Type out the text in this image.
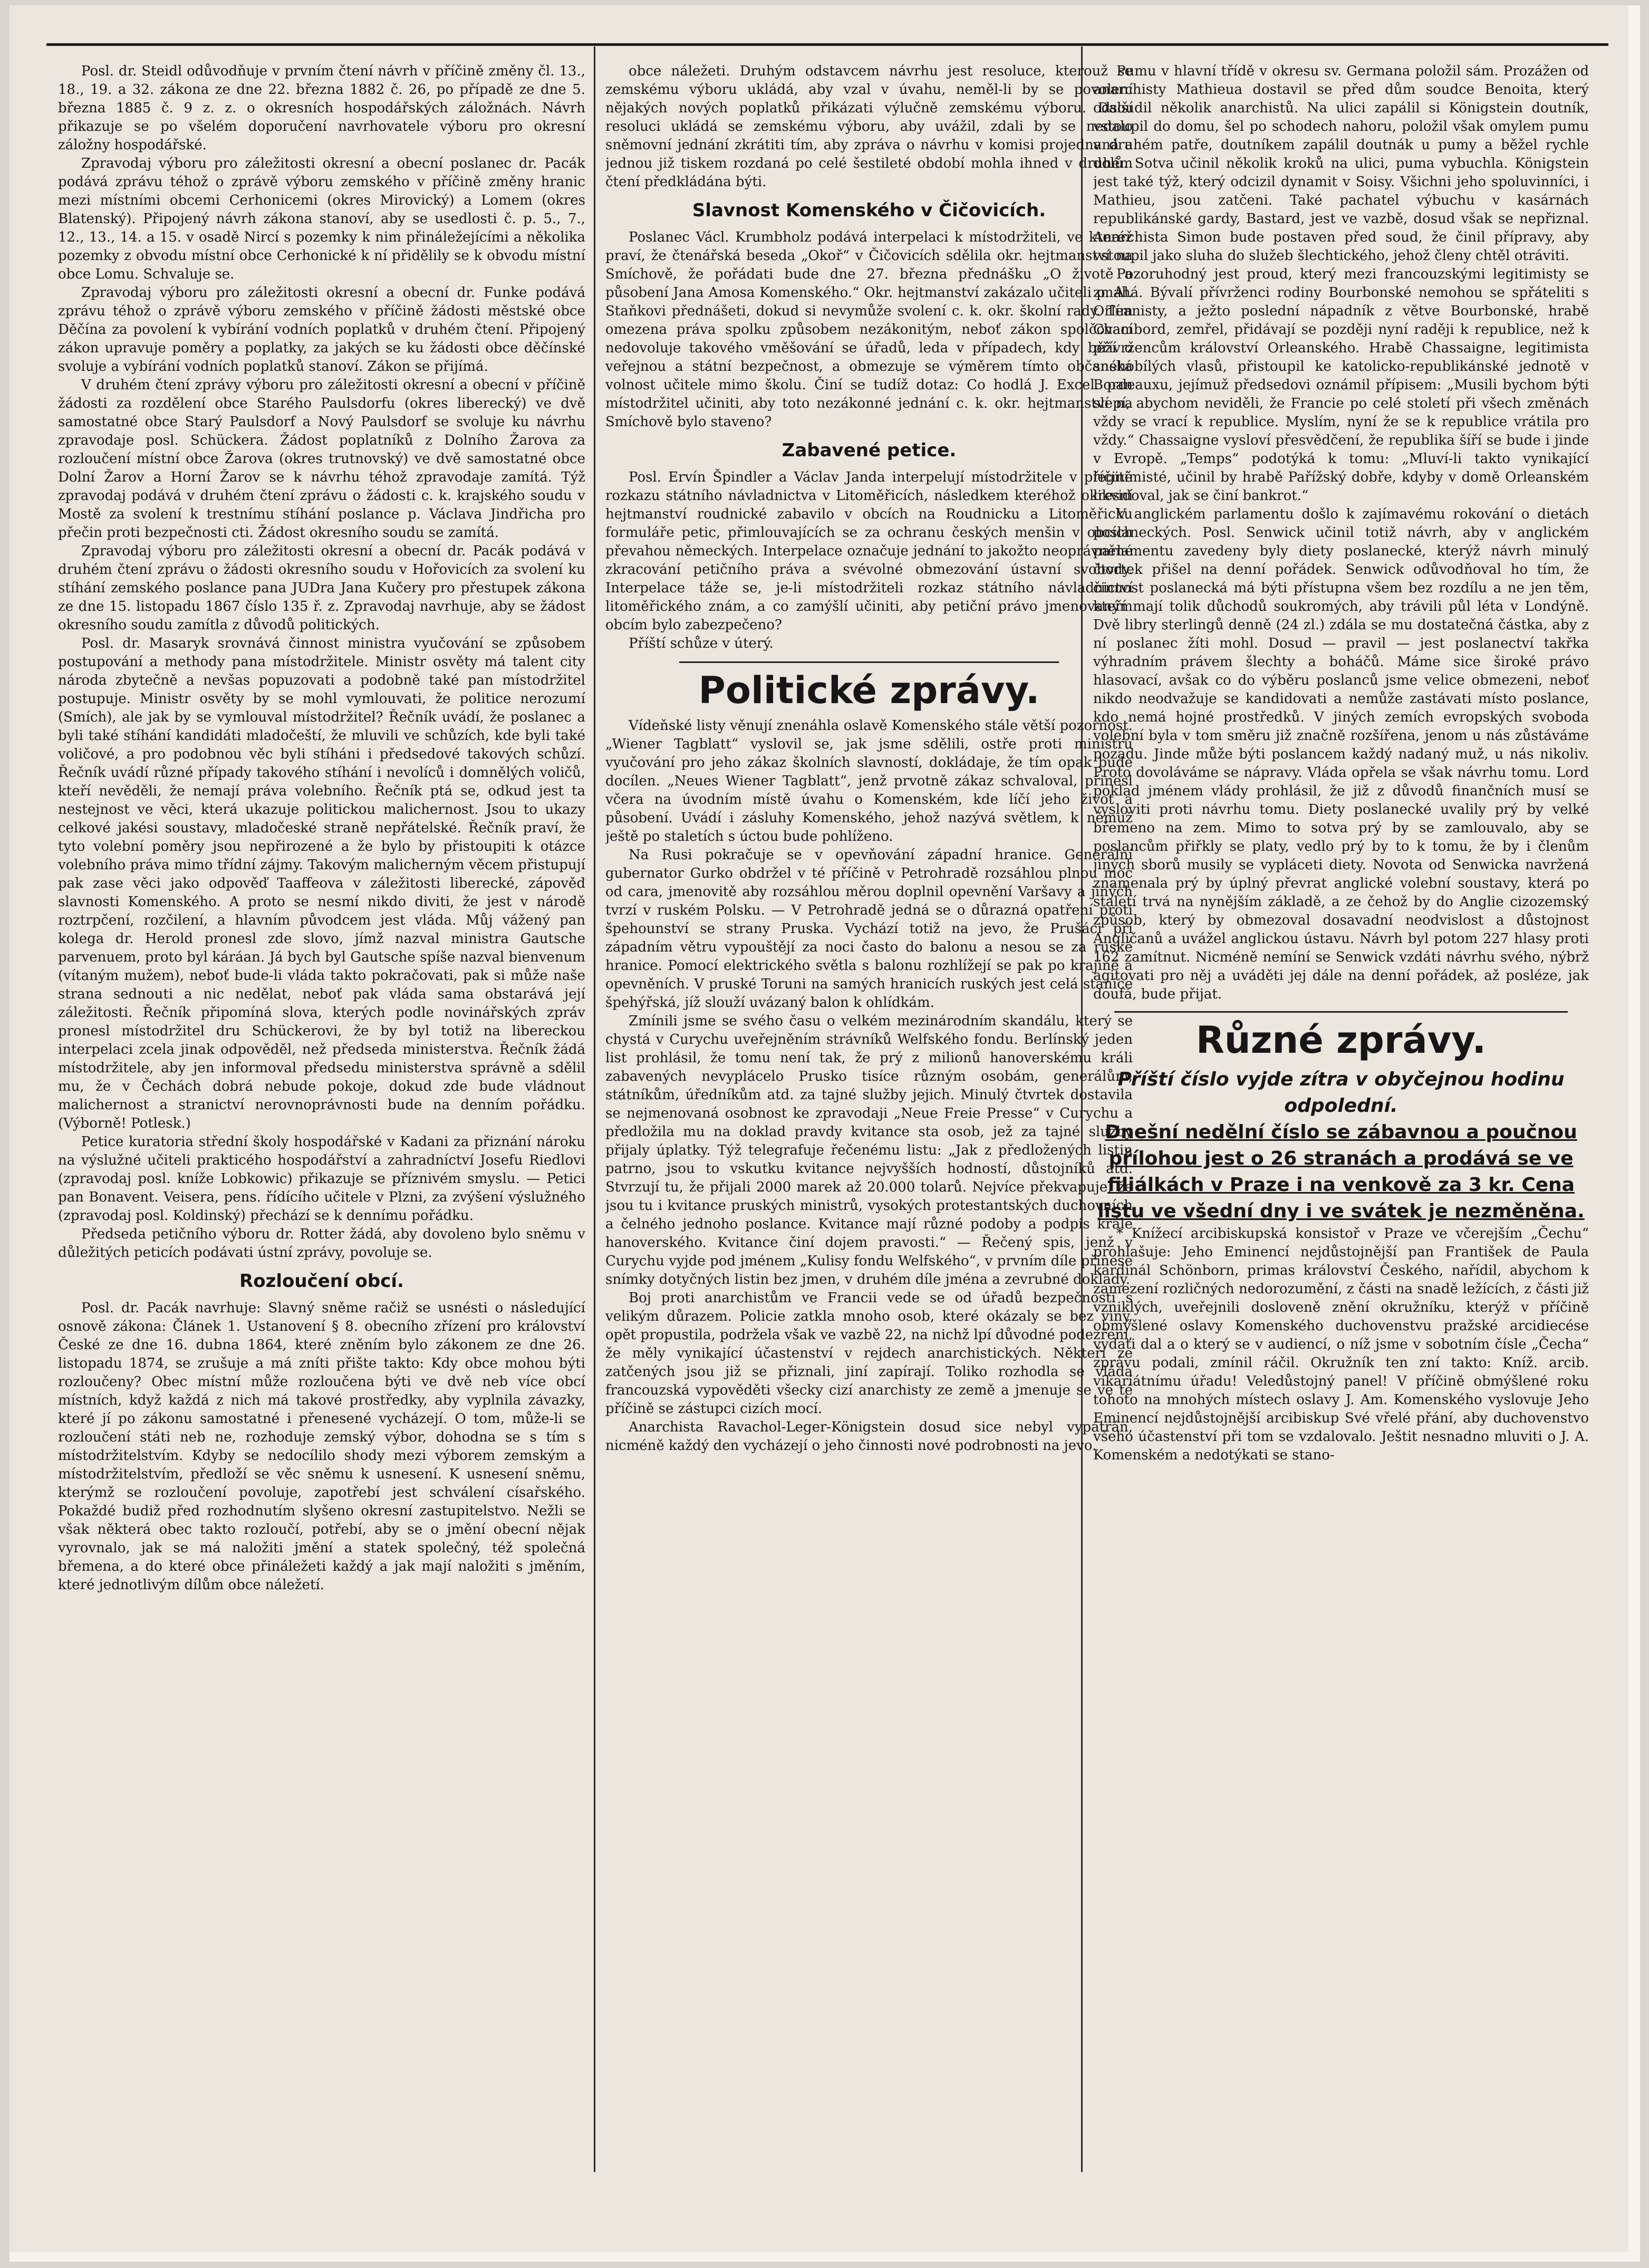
Posl. dr. Steidl odůvodňuje v prvním čtení návrh v příčině změny čl. 13., 18., 19. a 32. zákona ze dne 22. března 1882 č. 26, po případě ze dne 5. března 1885 č. 9 z. z. o okresních hospodářských záložnách. Návrh přikazuje se po všelém doporučení navrhovatele výboru pro okresní záložny hospodářské.

Zpravodaj výboru pro záležitosti okresní a obecní poslanec dr. Pacák podává zprávu téhož o zprávě výboru zemského v příčině změny hranic mezi místními obcemi Cerhonicemi (okres Mirovický) a Lomem (okres Blatenský). Připojený návrh zákona stanoví, aby se usedlosti č. p. 5., 7., 12., 13., 14. a 15. v osadě Nircí s pozemky k nim přináležejícími a několika pozemky z obvodu místní obce Cerhonické k ní přidělily se k obvodu místní obce Lomu. Schvaluje se.

Zpravodaj výboru pro záležitosti okresní a obecní dr. Funke podává zprávu téhož o zprávě výboru zemského v příčině žádosti městské obce Děčína za povolení k vybírání vodních poplatků v druhém čtení. Připojený zákon upravuje poměry a poplatky, za jakých se ku žádosti obce děčínské svoluje a vybírání vodních poplatků stanoví. Zákon se přijímá.

V druhém čtení zprávy výboru pro záležitosti okresní a obecní v příčině žádosti za rozdělení obce Starého Paulsdorfu (okres liberecký) ve dvě samostatné obce Starý Paulsdorf a Nový Paulsdorf se svoluje ku návrhu zpravodaje posl. Schückera. Žádost poplatníků z Dolního Žarova za rozloučení místní obce Žarova (okres trutnovský) ve dvě samostatné obce Dolní Žarov a Horní Žarov se k návrhu téhož zpravodaje zamítá. Týž zpravodaj podává v druhém čtení zprávu o žádosti c. k. krajského soudu v Mostě za svolení k trestnímu stíhání poslance p. Václava Jindřicha pro přečin proti bezpečnosti cti. Žádost okresního soudu se zamítá.

Zpravodaj výboru pro záležitosti okresní a obecní dr. Pacák podává v druhém čtení zprávu o žádosti okresního soudu v Hořovicích za svolení ku stíhání zemského poslance pana JUDra Jana Kučery pro přestupek zákona ze dne 15. listopadu 1867 číslo 135 ř. z. Zpravodaj navrhuje, aby se žádost okresního soudu zamítla z důvodů politických.

Posl. dr. Masaryk srovnává činnost ministra vyučování se způsobem postupování a methody pana místodržitele. Ministr osvěty má talent city národa zbytečně a nevšas popuzovati a podobně také pan místodržitel postupuje. Ministr osvěty by se mohl vymlouvati, že politice nerozumí (Smích), ale jak by se vymlouval místodržitel? Řečník uvádí, že poslanec a byli také stíhání kandidáti mladočeští, že mluvili ve schůzích, kde byli také voličové, a pro podobnou věc byli stíháni i předsedové takových schůzí. Řečník uvádí různé případy takového stíhání i nevolíců i domnělých voličů, kteří nevěděli, že nemají práva volebního. Řečník ptá se, odkud jest ta nestejnost ve věci, která ukazuje politickou malichernost. Jsou to ukazy celkové jakési soustavy, mladočeské straně nepřátelské. Řečník praví, že tyto volební poměry jsou nepřirozené a že bylo by přistoupiti k otázce volebního práva mimo třídní zájmy. Takovým malicherným věcem přistupují pak zase věci jako odpověď Taaffeova v záležitosti liberecké, zápověď slavnosti Komenského. A proto se nesmí nikdo diviti, že jest v národě roztrpčení, rozčilení, a hlavním původcem jest vláda. Můj vážený pan kolega dr. Herold pronesl zde slovo, jímž nazval ministra Gautsche parvenuem, proto byl káráan. Já bych byl Gautsche spíše nazval bienvenum (vítaným mužem), neboť bude-li vláda takto pokračovati, pak si může naše strana sednouti a nic nedělat, neboť pak vláda sama obstarává její záležitosti. Řečník připomíná slova, kterých podle novinářských zpráv pronesl místodržitel dru Schückerovi, že by byl totiž na libereckou interpelaci zcela jinak odpověděl, než předseda ministerstva. Řečník žádá místodržitele, aby jen informoval předsedu ministerstva správně a sdělil mu, že v Čechách dobrá nebude pokoje, dokud zde bude vládnout malichernost a stranictví nerovnoprávnosti bude na denním pořádku. (Výborně! Potlesk.)

Petice kuratoria střední školy hospodářské v Kadani za přiznání nároku na výslužné učiteli prakticého hospodářství a zahradníctví Josefu Riedlovi (zpravodaj posl. kníže Lobkowic) přikazuje se příznivém smyslu. — Petici pan Bonavent. Veisera, pens. řídícího učitele v Plzni, za zvýšení výslužného (zpravodaj posl. Koldinský) přechází se k dennímu pořádku.

Předseda petičního výboru dr. Rotter žádá, aby dovoleno bylo sněmu v důležitých peticích podávati ústní zprávy, povoluje se.

Rozloučení obcí.

Posl. dr. Pacák navrhuje: Slavný sněme račiž se usnésti o následující osnově zákona: Článek 1. Ustanovení § 8. obecního zřízení pro království České ze dne 16. dubna 1864, které zněním bylo zákonem ze dne 26. listopadu 1874, se zrušuje a má zníti přište takto: Kdy obce mohou býti rozloučeny? Obec místní může rozloučena býti ve dvě neb více obcí místních, když každá z nich má takové prostředky, aby vyplnila závazky, které jí po zákonu samostatné i přenesené vycházejí. O tom, může-li se rozloučení státi neb ne, rozhoduje zemský výbor, dohodna se s tím s místodržitelstvím. Kdyby se nedocílilo shody mezi výborem zemským a místodržitelstvím, předloží se věc sněmu k usnesení. K usnesení sněmu, kterýmž se rozloučení povoluje, zapotřebí jest schválení císařského. Pokaždé budiž před rozhodnutím slyšeno okresní zastupitelstvo. Nežli se však některá obec takto rozloučí, potřebí, aby se o jmění obecní nějak vyrovnalo, jak se má naložiti jmění a statek společný, též společná břemena, a do které obce přináležeti každý a jak mají naložiti s jměním, které jednotlivým dílům obce náležetí.

obce náležeti. Druhým odstavcem návrhu jest resoluce, kterouž se zemskému výboru ukládá, aby vzal v úvahu, neměl-li by se povolení nějakých nových poplatků přikázati výlučně zemskému výboru. Další resoluci ukládá se zemskému výboru, aby uvážil, zdali by se nedalo sněmovní jednání zkrátiti tím, aby zpráva o návrhu v komisi projednaná a jednou již tiskem rozdaná po celé šestileté období mohla ihned v druhém čtení předkládána býti.

Slavnost Komenského v Čičovicích.

Poslanec Václ. Krumbholz podává interpelaci k místodržiteli, ve kteréž praví, že čtenářská beseda „Okoř“ v Čičovicích sdělila okr. hejtmanství na Smíchově, že pořádati bude dne 27. března přednášku „O životě a působení Jana Amosa Komenského.“ Okr. hejtmanství zakázalo učiteli p. Al. Staňkovi přednášeti, dokud si nevymůže svolení c. k. okr. školní rady. Tím omezena práva spolku způsobem nezákonitým, neboť zákon spolčovací nedovoluje takového vměšování se úřadů, leda v případech, kdy běží o veřejnou a státní bezpečnost, a obmezuje se výměrem tímto občanská volnost učitele mimo školu. Činí se tudíž dotaz: Co hodlá J. Excel. pan místodržitel učiniti, aby toto nezákonné jednání c. k. okr. hejtmanství na Smíchově bylo staveno?

Zabavené petice.

Posl. Ervín Špindler a Václav Janda interpelují místodržitele v příčině rozkazu státního návladnictva v Litoměřicích, následkem kteréhož okresní hejtmanství roudnické zabavilo v obcích na Roudnicku a Litoměřicku formuláře petic, přimlouvajících se za ochranu českých menšin v obcích převahou německých. Interpelace označuje jednání to jakožto neoprávněné zkracování petičního práva a svévolné obmezování ústavní svobody. Interpelace táže se, je-li místodržiteli rozkaz státního návladnictví litoměřického znám, a co zamýšlí učiniti, aby petiční právo jmenovaným obcím bylo zabezpečeno?

Příští schůze v úterý.

Politické zprávy.

Vídeňské listy věnují znenáhla oslavě Komenského stále větší pozornost. „Wiener Tagblatt“ vyslovil se, jak jsme sdělili, ostře proti ministru vyučování pro jeho zákaz školních slavností, dokládaje, že tím opak bude docílen. „Neues Wiener Tagblatt“, jenž prvotně zákaz schvaloval, přinesl včera na úvodním místě úvahu o Komenském, kde líčí jeho život a působení. Uvádí i zásluhy Komenského, jehož nazývá světlem, k němuž ještě po staletích s úctou bude pohlíženo.

Na Rusi pokračuje se v opevňování západní hranice. Generální gubernator Gurko obdržel v té příčině v Petrohradě rozsáhlou plnou moc od cara, jmenovitě aby rozsáhlou měrou doplnil opevnění Varšavy a jiných tvrzí v ruském Polsku. — V Petrohradě jedná se o důrazná opatření proti špehounství se strany Pruska. Vychází totiž na jevo, že Prušáci při západním větru vypouštějí za noci často do balonu a nesou se za ruské hranice. Pomocí elektrického světla s balonu rozhlížejí se pak po krajině a opevněních. V pruské Toruni na samých hranicích ruských jest celá stanice špehýřská, jíž slouží uvázaný balon k ohlídkám.

Zmínili jsme se svého času o velkém mezinárodním skandálu, který se chystá v Curychu uveřejněním strávníků Welfského fondu. Berlínský jeden list prohlásil, že tomu není tak, že prý z milionů hanoverskému králi zabavených nevyplácelo Prusko tisíce různým osobám, generálům, státníkům, úředníkům atd. za tajné služby jejich. Minulý čtvrtek dostavila se nejmenovaná osobnost ke zpravodaji „Neue Freie Presse“ v Curychu a předložila mu na doklad pravdy kvitance sta osob, jež za tajné služby přijaly úplatky. Týž telegrafuje řečenému listu: „Jak z předložených listin patrno, jsou to vskutku kvitance nejvyšších hodností, důstojníků atd. Stvrzují tu, že přijali 2000 marek až 20.000 tolarů. Nejvíce překvapuje, že jsou tu i kvitance pruských ministrů, vysokých protestantských duchovních a čelného jednoho poslance. Kvitance mají různé podoby a podpis krále hanoverského. Kvitance činí dojem pravosti.“ — Řečený spis, jenž v Curychu vyjde pod jménem „Kulisy fondu Welfského“, v prvním díle přinese snímky dotyčných listin bez jmen, v druhém díle jména a zevrubné doklady.

Boj proti anarchistům ve Francii vede se od úřadů bezpečnosti s velikým důrazem. Policie zatkla mnoho osob, které okázaly se bez viny, opět propustila, podržela však ve vazbě 22, na nichž lpí důvodné podezření, že měly vynikající účastenství v rejdech anarchistických. Někteří ze zatčených jsou již se přiznali, jiní zapírají. Toliko rozhodla se vláda francouzská vypověděti všecky cizí anarchisty ze země a jmenuje se ve té příčině se zástupci cizích mocí.

Anarchista Ravachol-Leger-Königstein dosud sice nebyl vypátrán, nicméně každý den vycházejí o jeho činnosti nové podrobnosti na jevo.

Pumu v hlavní třídě v okresu sv. Germana položil sám. Prozážen od anarchisty Mathieua dostavil se před dům soudce Benoita, který odsoudil několik anarchistů. Na ulici zapálil si Königstein doutník, vstoupil do domu, šel po schodech nahoru, položil však omylem pumu v druhém patře, doutníkem zapálil doutnák u pumy a běžel rychle dolů. Sotva učinil několik kroků na ulici, puma vybuchla. Königstein jest také týž, který odcizil dynamit v Soisy. Všichni jeho spoluvinníci, i Mathieu, jsou zatčeni. Také pachatel výbuchu v kasárnách republikánské gardy, Bastard, jest ve vazbě, dosud však se nepřiznal. Anarchista Simon bude postaven před soud, že činil přípravy, aby vstoupil jako sluha do služeb šlechtického, jehož členy chtěl otráviti.

Pozoruhodný jest proud, který mezi francouzskými legitimisty se zmáhá. Bývalí přívrženci rodiny Bourbonské nemohou se spřáteliti s Orleanisty, a ježto poslední nápadník z větve Bourbonské, hrabě Chambord, zemřel, přidávají se později nyní raději k republice, než k přívržencům království Orleanského. Hrabě Chassaigne, legitimista snéhobílých vlasů, přistoupil ke katolicko-republikánské jednotě v Bordeauxu, jejímuž předsedovi oznámil přípisem: „Musili bychom býti slepí, abychom neviděli, že Francie po celé století při všech změnách vždy se vrací k republice. Myslím, nyní že se k republice vrátila pro vždy.“ Chassaigne vysloví přesvědčení, že republika šíří se bude i jinde v Evropě. „Temps“ podotýká k tomu: „Mluví-li takto vynikající legitimisté, učinil by hrabě Pařížský dobře, kdyby v domě Orleanském likvidoval, jak se činí bankrot.“

V anglickém parlamentu došlo k zajímavému rokování o dietách poslaneckých. Posl. Senwick učinil totiž návrh, aby v anglickém parlamentu zavedeny byly diety poslanecké, kterýž návrh minulý čtvrtek přišel na denní pořádek. Senwick odůvodňoval ho tím, že činnost poslanecká má býti přístupna všem bez rozdílu a ne jen těm, kteří mají tolik důchodů soukromých, aby trávili půl léta v Londýně. Dvě libry sterlingů denně (24 zl.) zdála se mu dostatečná částka, aby z ní poslanec žíti mohl. Dosud — pravil — jest poslanectví takřka výhradním právem šlechty a boháčů. Máme sice široké právo hlasovací, avšak co do výběru poslanců jsme velice obmezeni, neboť nikdo neodvažuje se kandidovati a nemůže zastávati místo poslance, kdo nemá hojné prostředků. V jiných zemích evropských svoboda volební byla v tom směru již značně rozšířena, jenom u nás zůstáváme pozadu. Jinde může býti poslancem každý nadaný muž, u nás nikoliv. Proto dovoláváme se nápravy. Vláda opřela se však návrhu tomu. Lord poklad jménem vlády prohlásil, že již z důvodů finančních musí se vysloviti proti návrhu tomu. Diety poslanecké uvalily prý by velké břemeno na zem. Mimo to sotva prý by se zamlouvalo, aby se poslancům přiřkly se platy, vedlo prý by to k tomu, že by i členům jiných sborů musily se vypláceti diety. Novota od Senwicka navržená znamenala prý by úplný převrat anglické volební soustavy, která po staletí trvá na nynějším základě, a ze čehož by do Anglie cizozemský způsob, který by obmezoval dosavadní neodvislost a důstojnost Angličanů a uvážel anglickou ústavu. Návrh byl potom 227 hlasy proti 162 zamítnut. Nicméně nemíní se Senwick vzdáti návrhu svého, nýbrž agitovati pro něj a uváděti jej dále na denní pořádek, až posléze, jak doufá, bude přijat.

Různé zprávy.
Příští číslo vyjde zítra v obyčejnou hodinu odpolední.
Dnešní nedělní číslo se zábavnou a poučnou přílohou jest o 26 stranách a prodává se ve filiálkách v Praze i na venkově za 3 kr. Cena listu ve všední dny i ve svátek je nezměněna.

* Knížecí arcibiskupská konsistoř v Praze ve včerejším „Čechu“ prohlašuje: Jeho Eminencí nejdůstojnější pan František de Paula kardinál Schönborn, primas království Českého, nařídil, abychom k zamezení rozličných nedorozumění, z části na snadě ležících, z části již vzniklých, uveřejnili dosloveně znění okružníku, kterýž v příčině obmýšlené oslavy Komenského duchovenstvu pražské arcidiecése vydati dal a o který se v audiencí, o níž jsme v sobotním čísle „Čecha“ zprávu podali, zmínil ráčil. Okružník ten zní takto: Kníž. arcib. vikariátnímu úřadu! Veledůstojný panel! V příčině obmýšlené roku tohoto na mnohých místech oslavy J. Am. Komenského vyslovuje Jeho Eminencí nejdůstojnější arcibiskup Své vřelé přání, aby duchovenstvo všeho účastenství při tom se vzdalovalo. Ještit nesnadno mluviti o J. A. Komenském a nedotýkati se stano-
